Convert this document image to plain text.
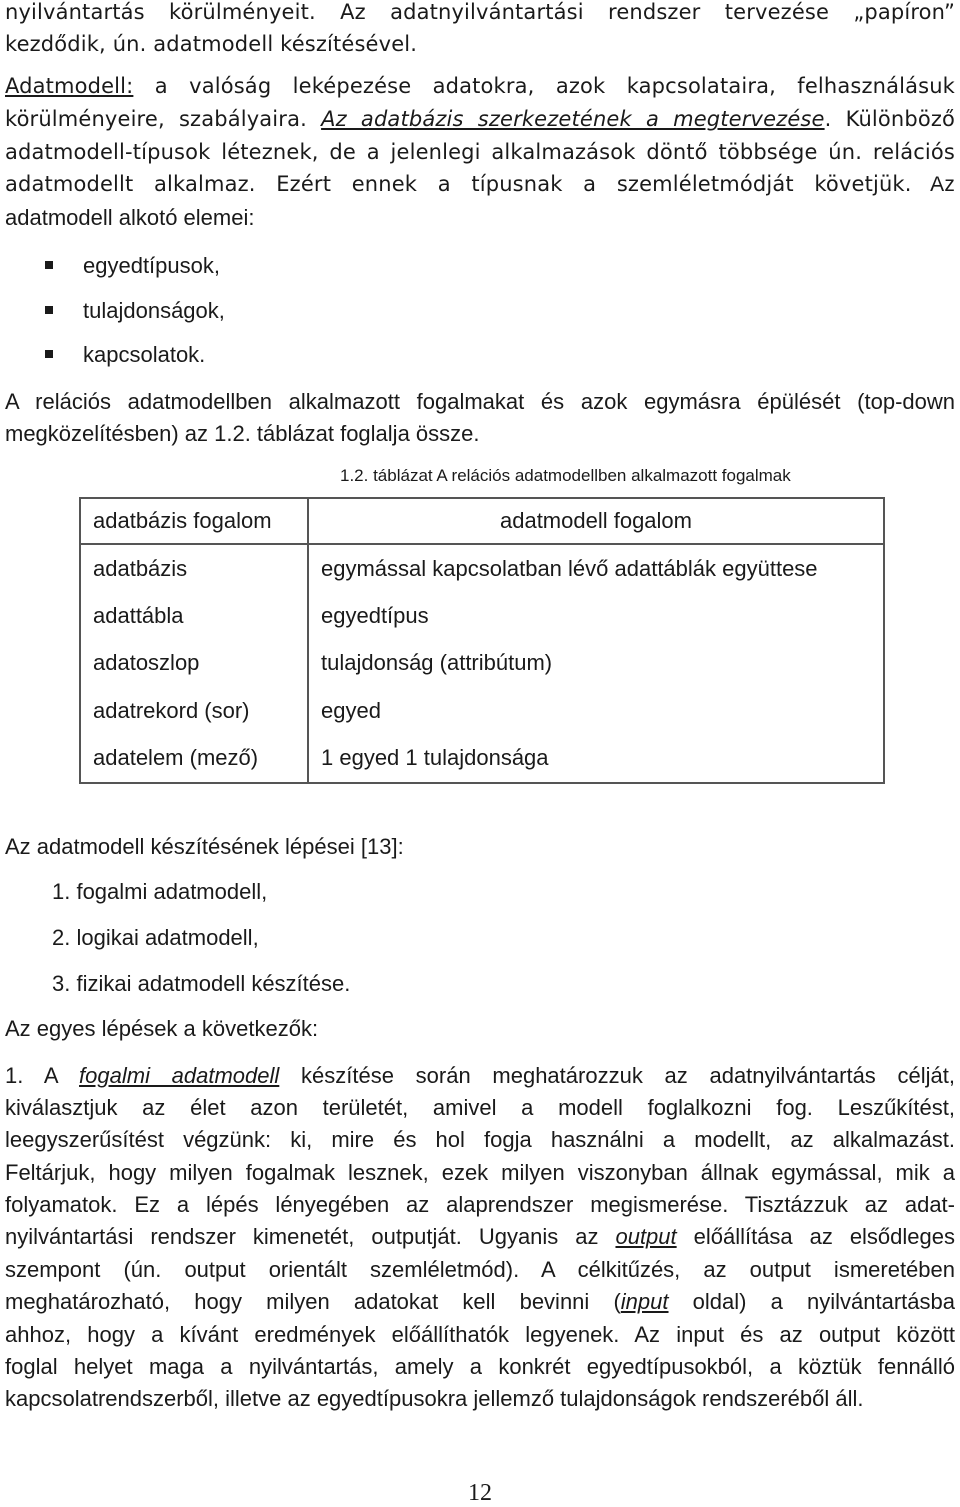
nyilvántartás körülményeit. Az adatnyilvántartási rendszer tervezése „papíron”
kezdődik, ún. adatmodell készítésével.
Adatmodell: a valóság leképezése adatokra, azok kapcsolataira, felhasználásuk
körülményeire, szabályaira. Az adatbázis szerkezetének a megtervezése. Különböző
adatmodell-típusok léteznek, de a jelenlegi alkalmazások döntő többsége ún. relációs
adatmodellt alkalmaz. Ezért ennek a típusnak a szemléletmódját követjük. Az
adatmodell alkotó elemei:
egyedtípusok,
tulajdonságok,
kapcsolatok.
A relációs adatmodellben alkalmazott fogalmakat és azok egymásra épülését (top-down
megközelítésben) az 1.2. táblázat foglalja össze.
1.2. táblázat A relációs adatmodellben alkalmazott fogalmak
adatbázis fogalom	adatmodell fogalom
adatbázis	egymással kapcsolatban lévő adattáblák együttese
adattábla	egyedtípus
adatoszlop	tulajdonság (attribútum)
adatrekord (sor)	egyed
adatelem (mező)	1 egyed 1 tulajdonsága
Az adatmodell készítésének lépései [13]:
1. fogalmi adatmodell,
2. logikai adatmodell,
3. fizikai adatmodell készítése.
Az egyes lépések a következők:
1. A fogalmi adatmodell készítése során meghatározzuk az adatnyilvántartás célját,
kiválasztjuk az élet azon területét, amivel a modell foglalkozni fog. Leszűkítést,
leegyszerűsítést végzünk: ki, mire és hol fogja használni a modellt, az alkalmazást.
Feltárjuk, hogy milyen fogalmak lesznek, ezek milyen viszonyban állnak egymással, mik a
folyamatok. Ez a lépés lényegében az alaprendszer megismerése. Tisztázzuk az adat-
nyilvántartási rendszer kimenetét, outputját. Ugyanis az output előállítása az elsődleges
szempont (ún. output orientált szemléletmód). A célkitűzés, az output ismeretében
meghatározható, hogy milyen adatokat kell bevinni (input oldal) a nyilvántartásba
ahhoz, hogy a kívánt eredmények előállíthatók legyenek. Az input és az output között
foglal helyet maga a nyilvántartás, amely a konkrét egyedtípusokból, a köztük fennálló
kapcsolatrendszerből, illetve az egyedtípusokra jellemző tulajdonságok rendszeréből áll.
12
